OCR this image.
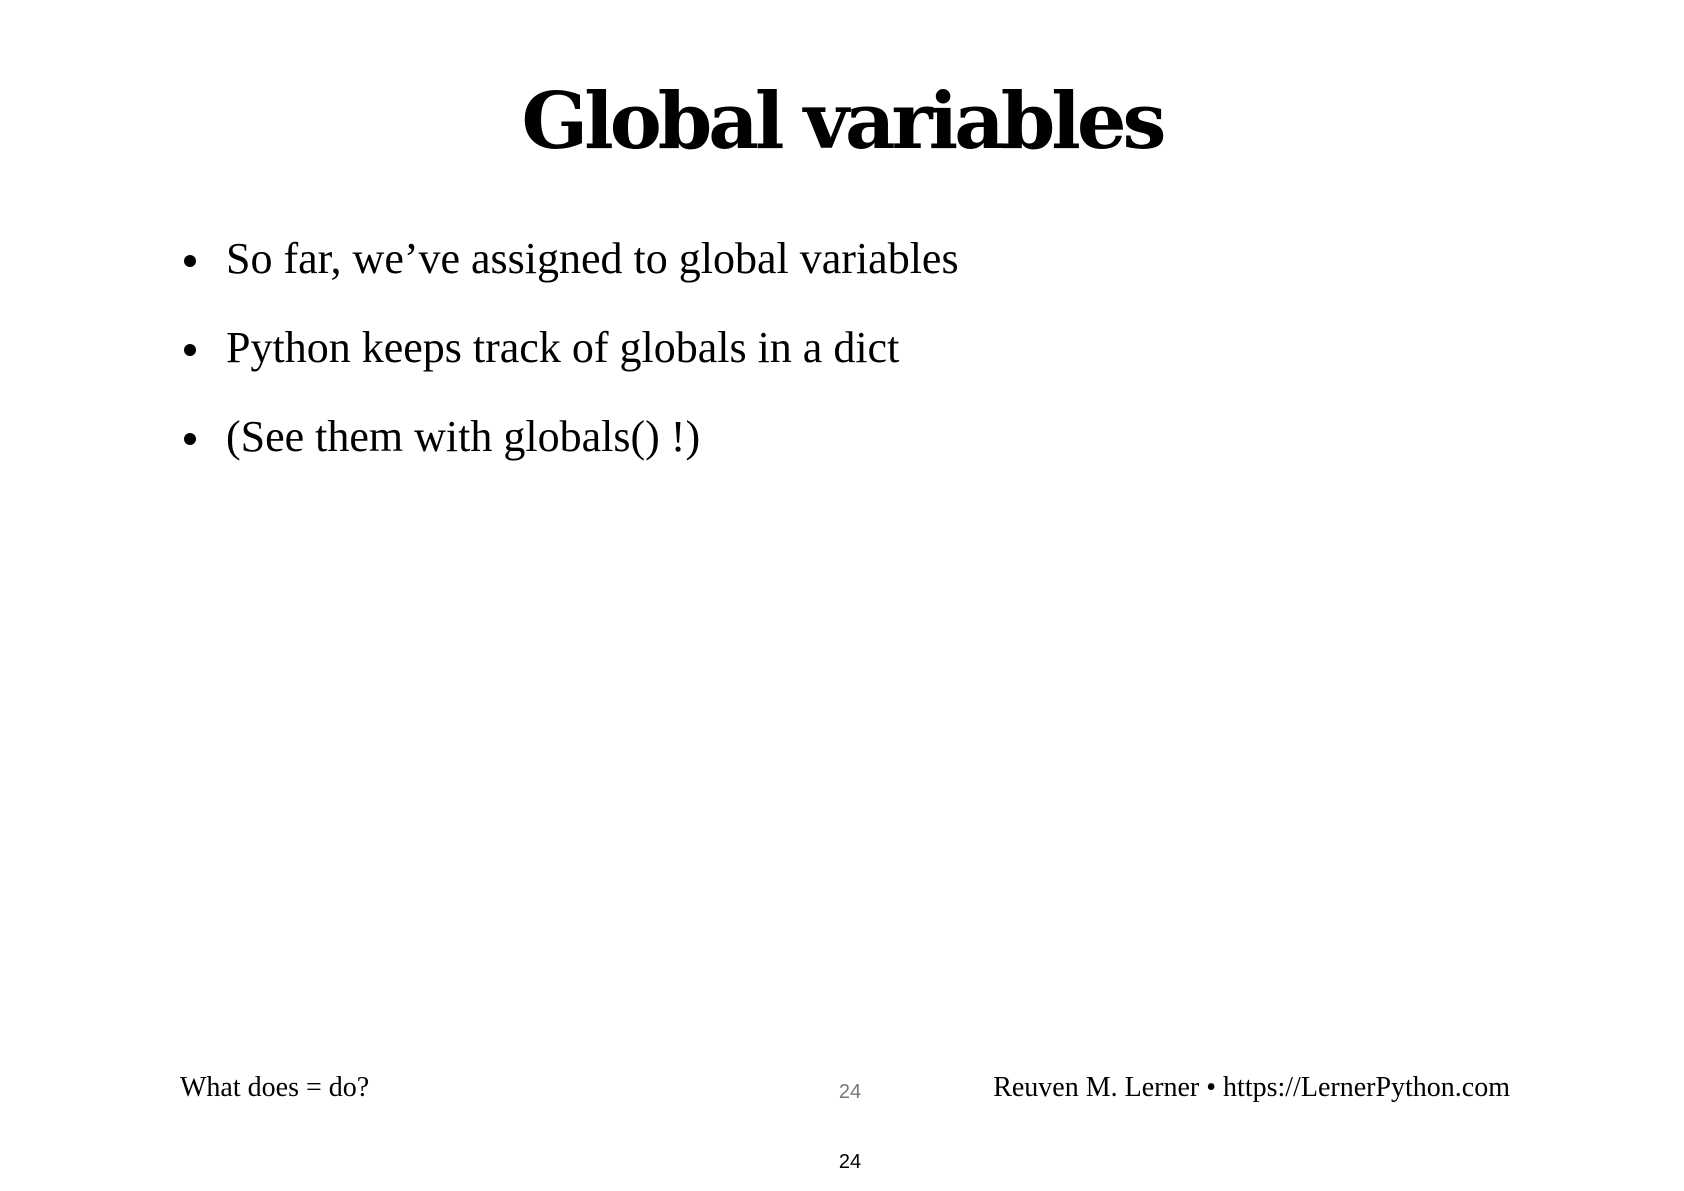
Global variables
So far, we’ve assigned to global variables
Python keeps track of globals in a dict
(See them with globals() !)
What does = do?	24	Reuven M. Lerner • https://LernerPython.com
24
